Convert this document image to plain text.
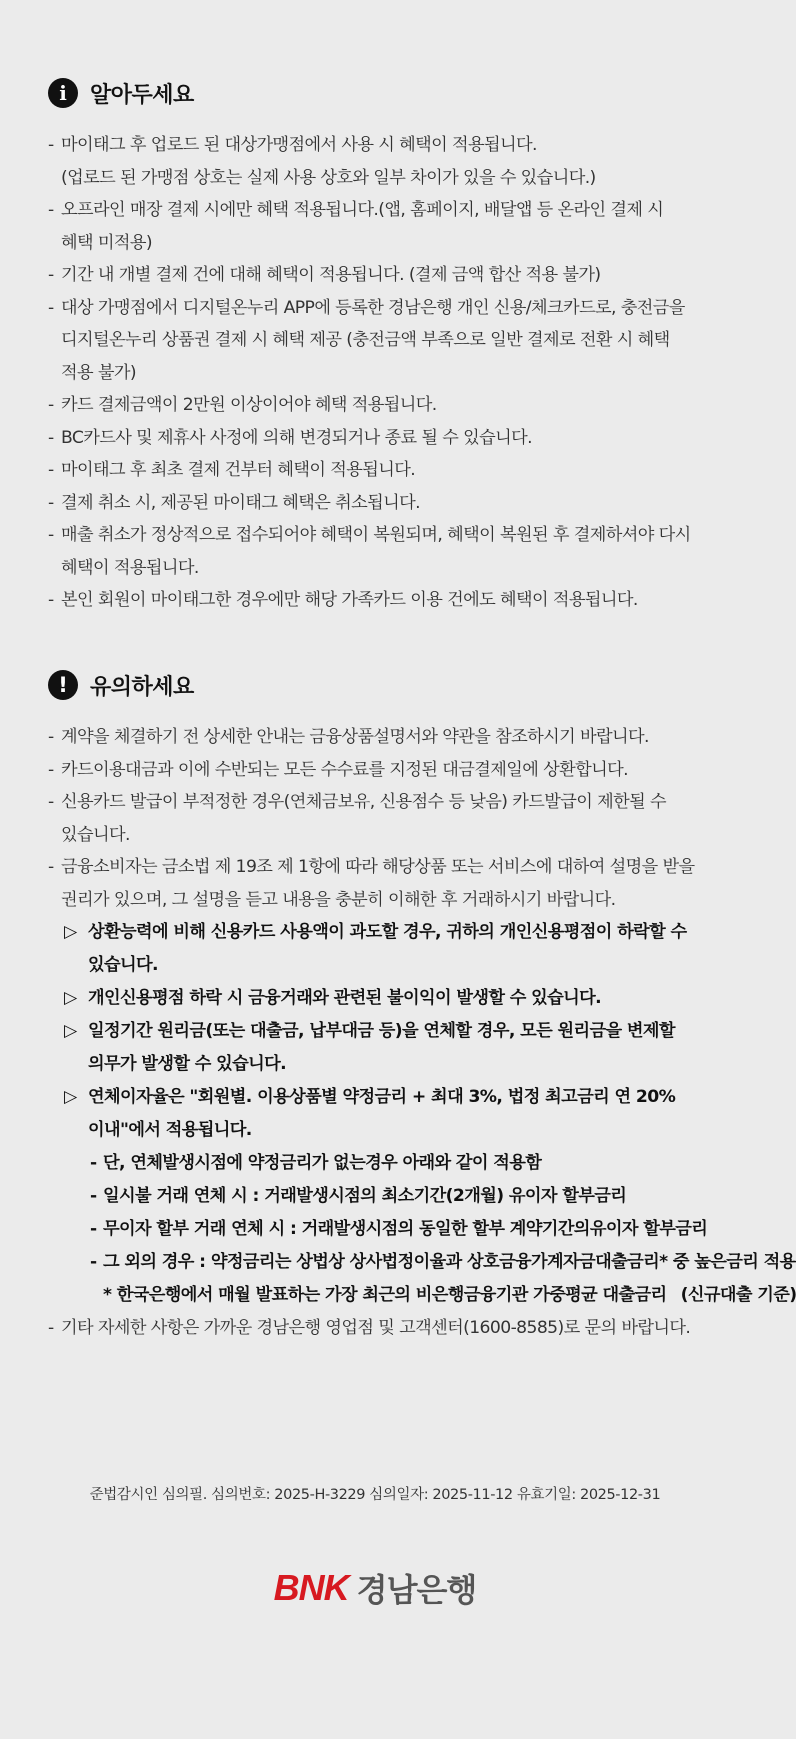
i	알아두세요
- 마이태그 후 업로드 된 대상가맹점에서 사용 시 혜택이 적용됩니다.
(업로드 된 가맹점 상호는 실제 사용 상호와 일부 차이가 있을 수 있습니다.)
- 오프라인 매장 결제 시에만 혜택 적용됩니다.(앱, 홈페이지, 배달앱 등 온라인 결제 시
혜택 미적용)
- 기간 내 개별 결제 건에 대해 혜택이 적용됩니다. (결제 금액 합산 적용 불가)
- 대상 가맹점에서 디지털온누리 APP에 등록한 경남은행 개인 신용/체크카드로, 충전금을
디지털온누리 상품권 결제 시 혜택 제공 (충전금액 부족으로 일반 결제로 전환 시 혜택
적용 불가)
- 카드 결제금액이 2만원 이상이어야 혜택 적용됩니다.
- BC카드사 및 제휴사 사정에 의해 변경되거나 종료 될 수 있습니다.
- 마이태그 후 최초 결제 건부터 혜택이 적용됩니다.
- 결제 취소 시, 제공된 마이태그 혜택은 취소됩니다.
- 매출 취소가 정상적으로 접수되어야 혜택이 복원되며, 혜택이 복원된 후 결제하셔야 다시
혜택이 적용됩니다.
- 본인 회원이 마이태그한 경우에만 해당 가족카드 이용 건에도 혜택이 적용됩니다.
!	유의하세요
- 계약을 체결하기 전 상세한 안내는 금융상품설명서와 약관을 참조하시기 바랍니다.
- 카드이용대금과 이에 수반되는 모든 수수료를 지정된 대금결제일에 상환합니다.
- 신용카드 발급이 부적정한 경우(연체금보유, 신용점수 등 낮음) 카드발급이 제한될 수
있습니다.
- 금융소비자는 금소법 제 19조 제 1항에 따라 해당상품 또는 서비스에 대하여 설명을 받을
권리가 있으며, 그 설명을 듣고 내용을 충분히 이해한 후 거래하시기 바랍니다.
▷ 상환능력에 비해 신용카드 사용액이 과도할 경우, 귀하의 개인신용평점이 하락할 수
있습니다.
▷ 개인신용평점 하락 시 금융거래와 관련된 불이익이 발생할 수 있습니다.
▷ 일정기간 원리금(또는 대출금, 납부대금 등)을 연체할 경우, 모든 원리금을 변제할
의무가 발생할 수 있습니다.
▷ 연체이자율은 "회원별. 이용상품별 약정금리 + 최대 3%, 법정 최고금리 연 20%
이내"에서 적용됩니다.
- 단, 연체발생시점에 약정금리가 없는경우 아래와 같이 적용함
- 일시불 거래 연체 시 : 거래발생시점의 최소기간(2개월) 유이자 할부금리
- 무이자 할부 거래 연체 시 : 거래발생시점의 동일한 할부 계약기간의유이자 할부금리
- 그 외의 경우 : 약정금리는 상법상 상사법정이율과 상호금융가계자금대출금리* 중 높은금리 적용
* 한국은행에서 매월 발표하는 가장 최근의 비은행금융기관 가중평균 대출금리 (신규대출 기준)
- 기타 자세한 사항은 가까운 경남은행 영업점 및 고객센터(1600-8585)로 문의 바랍니다.
준법감시인 심의필. 심의번호: 2025-H-3229 심의일자: 2025-11-12 유효기일: 2025-12-31
BNK 경남은행
